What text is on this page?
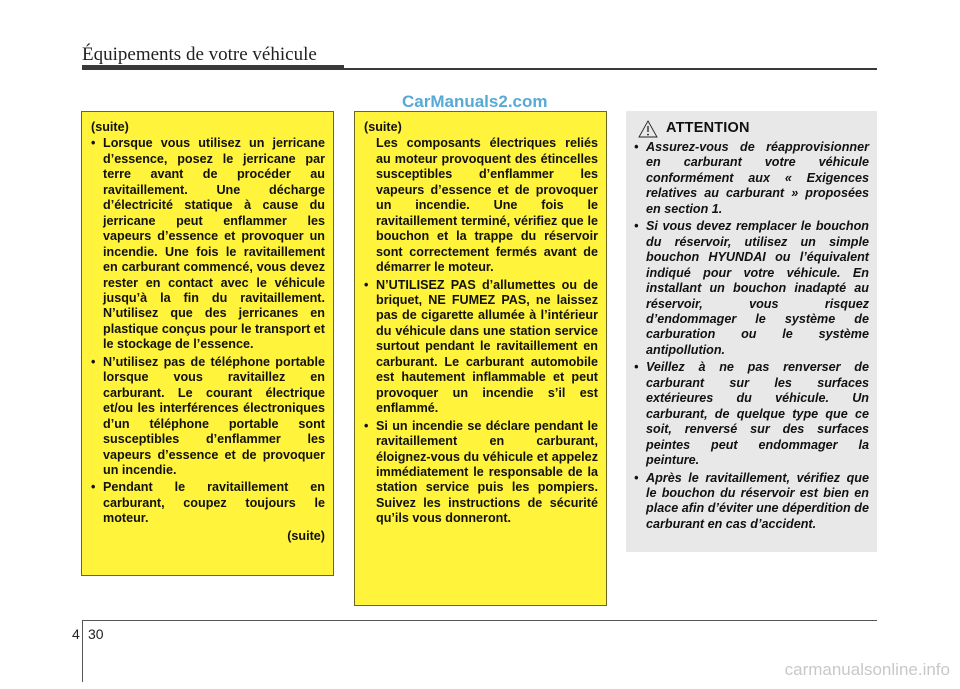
Équipements de votre véhicule
CarManuals2.com
(suite)
• Lorsque vous utilisez un jerricane d’essence, posez le jerricane par terre avant de procéder au ravitaillement. Une décharge d’électricité statique à cause du jerricane peut enflammer les vapeurs d’essence et provoquer un incendie. Une fois le ravitaillement en carburant commencé, vous devez rester en contact avec le véhicule jusqu’à la fin du ravitaillement. N’utilisez que des jerricanes en plastique conçus pour le transport et le stockage de l’essence.
• N’utilisez pas de téléphone portable lorsque vous ravitaillez en carburant. Le courant électrique et/ou les interférences électroniques d’un téléphone portable sont susceptibles d’enflammer les vapeurs d’essence et de provoquer un incendie.
• Pendant le ravitaillement en carburant, coupez toujours le moteur.
(suite)
(suite)
Les composants électriques reliés au moteur provoquent des étincelles susceptibles d’enflammer les vapeurs d’essence et de provoquer un incendie. Une fois le ravitaillement terminé, vérifiez que le bouchon et la trappe du réservoir sont correctement fermés avant de démarrer le moteur.
• N’UTILISEZ PAS d’allumettes ou de briquet, NE FUMEZ PAS, ne laissez pas de cigarette allumée à l’intérieur du véhicule dans une station service surtout pendant le ravitaillement en carburant. Le carburant automobile est hautement inflammable et peut provoquer un incendie s’il est enflammé.
• Si un incendie se déclare pendant le ravitaillement en carburant, éloignez-vous du véhicule et appelez immédiatement le responsable de la station service puis les pompiers. Suivez les instructions de sécurité qu’ils vous donneront.
ATTENTION
• Assurez-vous de réapprovisionner en carburant votre véhicule conformément aux « Exigences relatives au carburant » proposées en section 1.
• Si vous devez remplacer le bouchon du réservoir, utilisez un simple bouchon HYUNDAI ou l’équivalent indiqué pour votre véhicule. En installant un bouchon inadapté au réservoir, vous risquez d’endommager le système de carburation ou le système antipollution.
• Veillez à ne pas renverser de carburant sur les surfaces extérieures du véhicule. Un carburant, de quelque type que ce soit, renversé sur des surfaces peintes peut endommager la peinture.
• Après le ravitaillement, vérifiez que le bouchon du réservoir est bien en place afin d’éviter une déperdition de carburant en cas d’accident.
4 30
carmanualsonline.info
